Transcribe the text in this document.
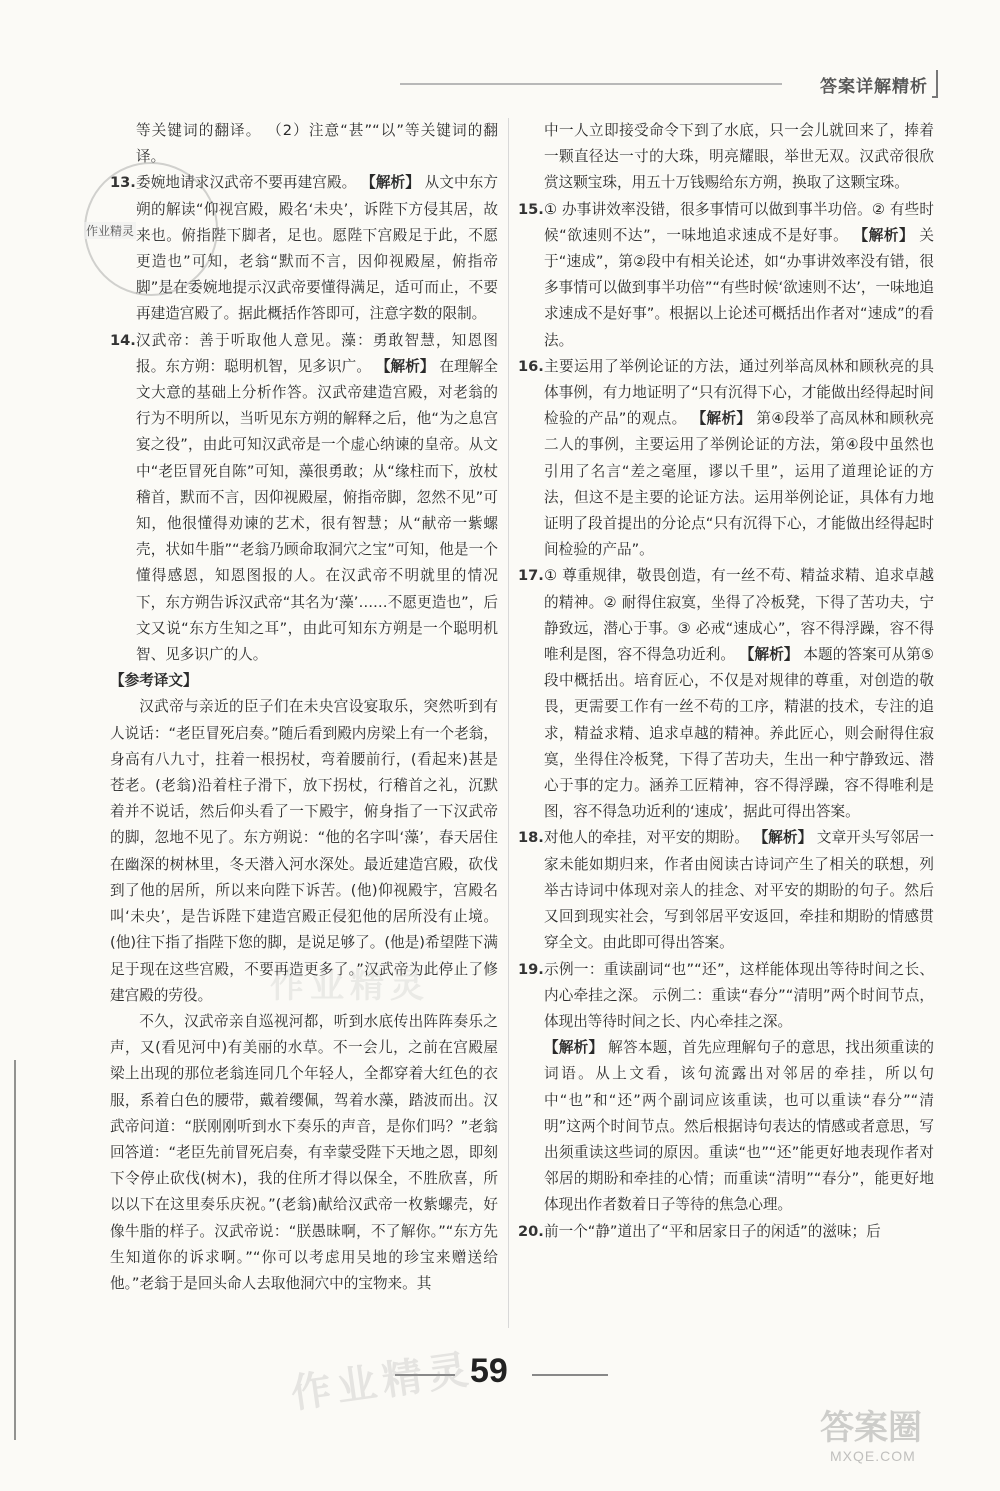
答案详解精析

等关键词的翻译。 （2）注意“甚”“以”等关键词的翻译。

13. 委婉地请求汉武帝不要再建宫殿。 【解析】 从文中东方朔的解读“仰视宫殿，殿名‘未央’，诉陛下方侵其居，故来也。俯指陛下脚者，足也。愿陛下宫殿足于此，不愿更造也”可知，老翁“默而不言，因仰视殿屋，俯指帝脚”是在委婉地提示汉武帝要懂得满足，适可而止，不要再建造宫殿了。据此概括作答即可，注意字数的限制。
14. 汉武帝：善于听取他人意见。藻：勇敢智慧，知恩图报。东方朔：聪明机智，见多识广。 【解析】 在理解全文大意的基础上分析作答。汉武帝建造宫殿，对老翁的行为不明所以，当听见东方朔的解释之后，他“为之息宫宴之役”，由此可知汉武帝是一个虚心纳谏的皇帝。从文中“老臣冒死自陈”可知，藻很勇敢；从“缘柱而下，放杖稽首，默而不言，因仰视殿屋，俯指帝脚，忽然不见”可知，他很懂得劝谏的艺术，很有智慧；从“献帝一紫螺壳，状如牛脂”“老翁乃顾命取洞穴之宝”可知，他是一个懂得感恩，知恩图报的人。在汉武帝不明就里的情况下，东方朔告诉汉武帝“其名为‘藻’……不愿更造也”，后文又说“东方生知之耳”，由此可知东方朔是一个聪明机智、见多识广的人。

【参考译文】

汉武帝与亲近的臣子们在未央宫设宴取乐，突然听到有人说话：“老臣冒死启奏。”随后看到殿内房梁上有一个老翁，身高有八九寸，拄着一根拐杖，弯着腰前行，(看起来)甚是苍老。(老翁)沿着柱子滑下，放下拐杖，行稽首之礼，沉默着并不说话，然后仰头看了一下殿宇，俯身指了一下汉武帝的脚，忽地不见了。东方朔说：“他的名字叫‘藻’，春天居住在幽深的树林里，冬天潜入河水深处。最近建造宫殿，砍伐到了他的居所，所以来向陛下诉苦。(他)仰视殿宇，宫殿名叫‘未央’，是告诉陛下建造宫殿正侵犯他的居所没有止境。(他)往下指了指陛下您的脚，是说足够了。(他是)希望陛下满足于现在这些宫殿，不要再造更多了。”汉武帝为此停止了修建宫殿的劳役。

不久，汉武帝亲自巡视河都，听到水底传出阵阵奏乐之声，又(看见河中)有美丽的水草。不一会儿，之前在宫殿屋梁上出现的那位老翁连同几个年轻人，全都穿着大红色的衣服，系着白色的腰带，戴着缨佩，驾着水藻，踏波而出。汉武帝问道：“朕刚刚听到水下奏乐的声音，是你们吗？”老翁回答道：“老臣先前冒死启奏，有幸蒙受陛下天地之恩，即刻下令停止砍伐(树木)，我的住所才得以保全，不胜欣喜，所以以下在这里奏乐庆祝。”(老翁)献给汉武帝一枚紫螺壳，好像牛脂的样子。汉武帝说：“朕愚昧啊，不了解你。”“东方先生知道你的诉求啊。”“你可以考虑用吴地的珍宝来赠送给他。”老翁于是回头命人去取他洞穴中的宝物来。其

中一人立即接受命令下到了水底，只一会儿就回来了，捧着一颗直径达一寸的大珠，明亮耀眼，举世无双。汉武帝很欣赏这颗宝珠，用五十万钱赐给东方朔，换取了这颗宝珠。

15. ① 办事讲效率没错，很多事情可以做到事半功倍。② 有些时候“欲速则不达”，一味地追求速成不是好事。 【解析】 关于“速成”，第②段中有相关论述，如“办事讲效率没有错，很多事情可以做到事半功倍”“有些时候‘欲速则不达’，一味地追求速成不是好事”。根据以上论述可概括出作者对“速成”的看法。
16. 主要运用了举例论证的方法，通过列举高凤林和顾秋亮的具体事例，有力地证明了“只有沉得下心，才能做出经得起时间检验的产品”的观点。 【解析】 第④段举了高凤林和顾秋亮二人的事例，主要运用了举例论证的方法，第④段中虽然也引用了名言“差之毫厘，谬以千里”，运用了道理论证的方法，但这不是主要的论证方法。运用举例论证，具体有力地证明了段首提出的分论点“只有沉得下心，才能做出经得起时间检验的产品”。
17. ① 尊重规律，敬畏创造，有一丝不苟、精益求精、追求卓越的精神。② 耐得住寂寞，坐得了冷板凳，下得了苦功夫，宁静致远，潜心于事。③ 必戒“速成心”，容不得浮躁，容不得唯利是图，容不得急功近利。 【解析】 本题的答案可从第⑤段中概括出。培育匠心，不仅是对规律的尊重，对创造的敬畏，更需要工作有一丝不苟的工序，精湛的技术，专注的追求，精益求精、追求卓越的精神。养此匠心，则会耐得住寂寞，坐得住冷板凳，下得了苦功夫，生出一种宁静致远、潜心于事的定力。涵养工匠精神，容不得浮躁，容不得唯利是图，容不得急功近利的‘速成’，据此可得出答案。
18. 对他人的牵挂，对平安的期盼。 【解析】 文章开头写邻居一家未能如期归来，作者由阅读古诗词产生了相关的联想，列举古诗词中体现对亲人的挂念、对平安的期盼的句子。然后又回到现实社会，写到邻居平安返回，牵挂和期盼的情感贯穿全文。由此即可得出答案。
19. 示例一：重读副词“也”“还”，这样能体现出等待时间之长、内心牵挂之深。 示例二：重读“春分”“清明”两个时间节点，体现出等待时间之长、内心牵挂之深。
【解析】 解答本题，首先应理解句子的意思，找出须重读的词语。从上文看，该句流露出对邻居的牵挂，所以句中“也”和“还”两个副词应该重读，也可以重读“春分”“清明”这两个时间节点。然后根据诗句表达的情感或者意思，写出须重读这些词的原因。重读“也”“还”能更好地表现作者对邻居的期盼和牵挂的心情；而重读“清明”“春分”，能更好地体现出作者数着日子等待的焦急心理。
20. 前一个“静”道出了“平和居家日子的闲适”的滋味；后
作业精灵
作业精灵
59
作业精灵
答案圈
MXQE.COM
